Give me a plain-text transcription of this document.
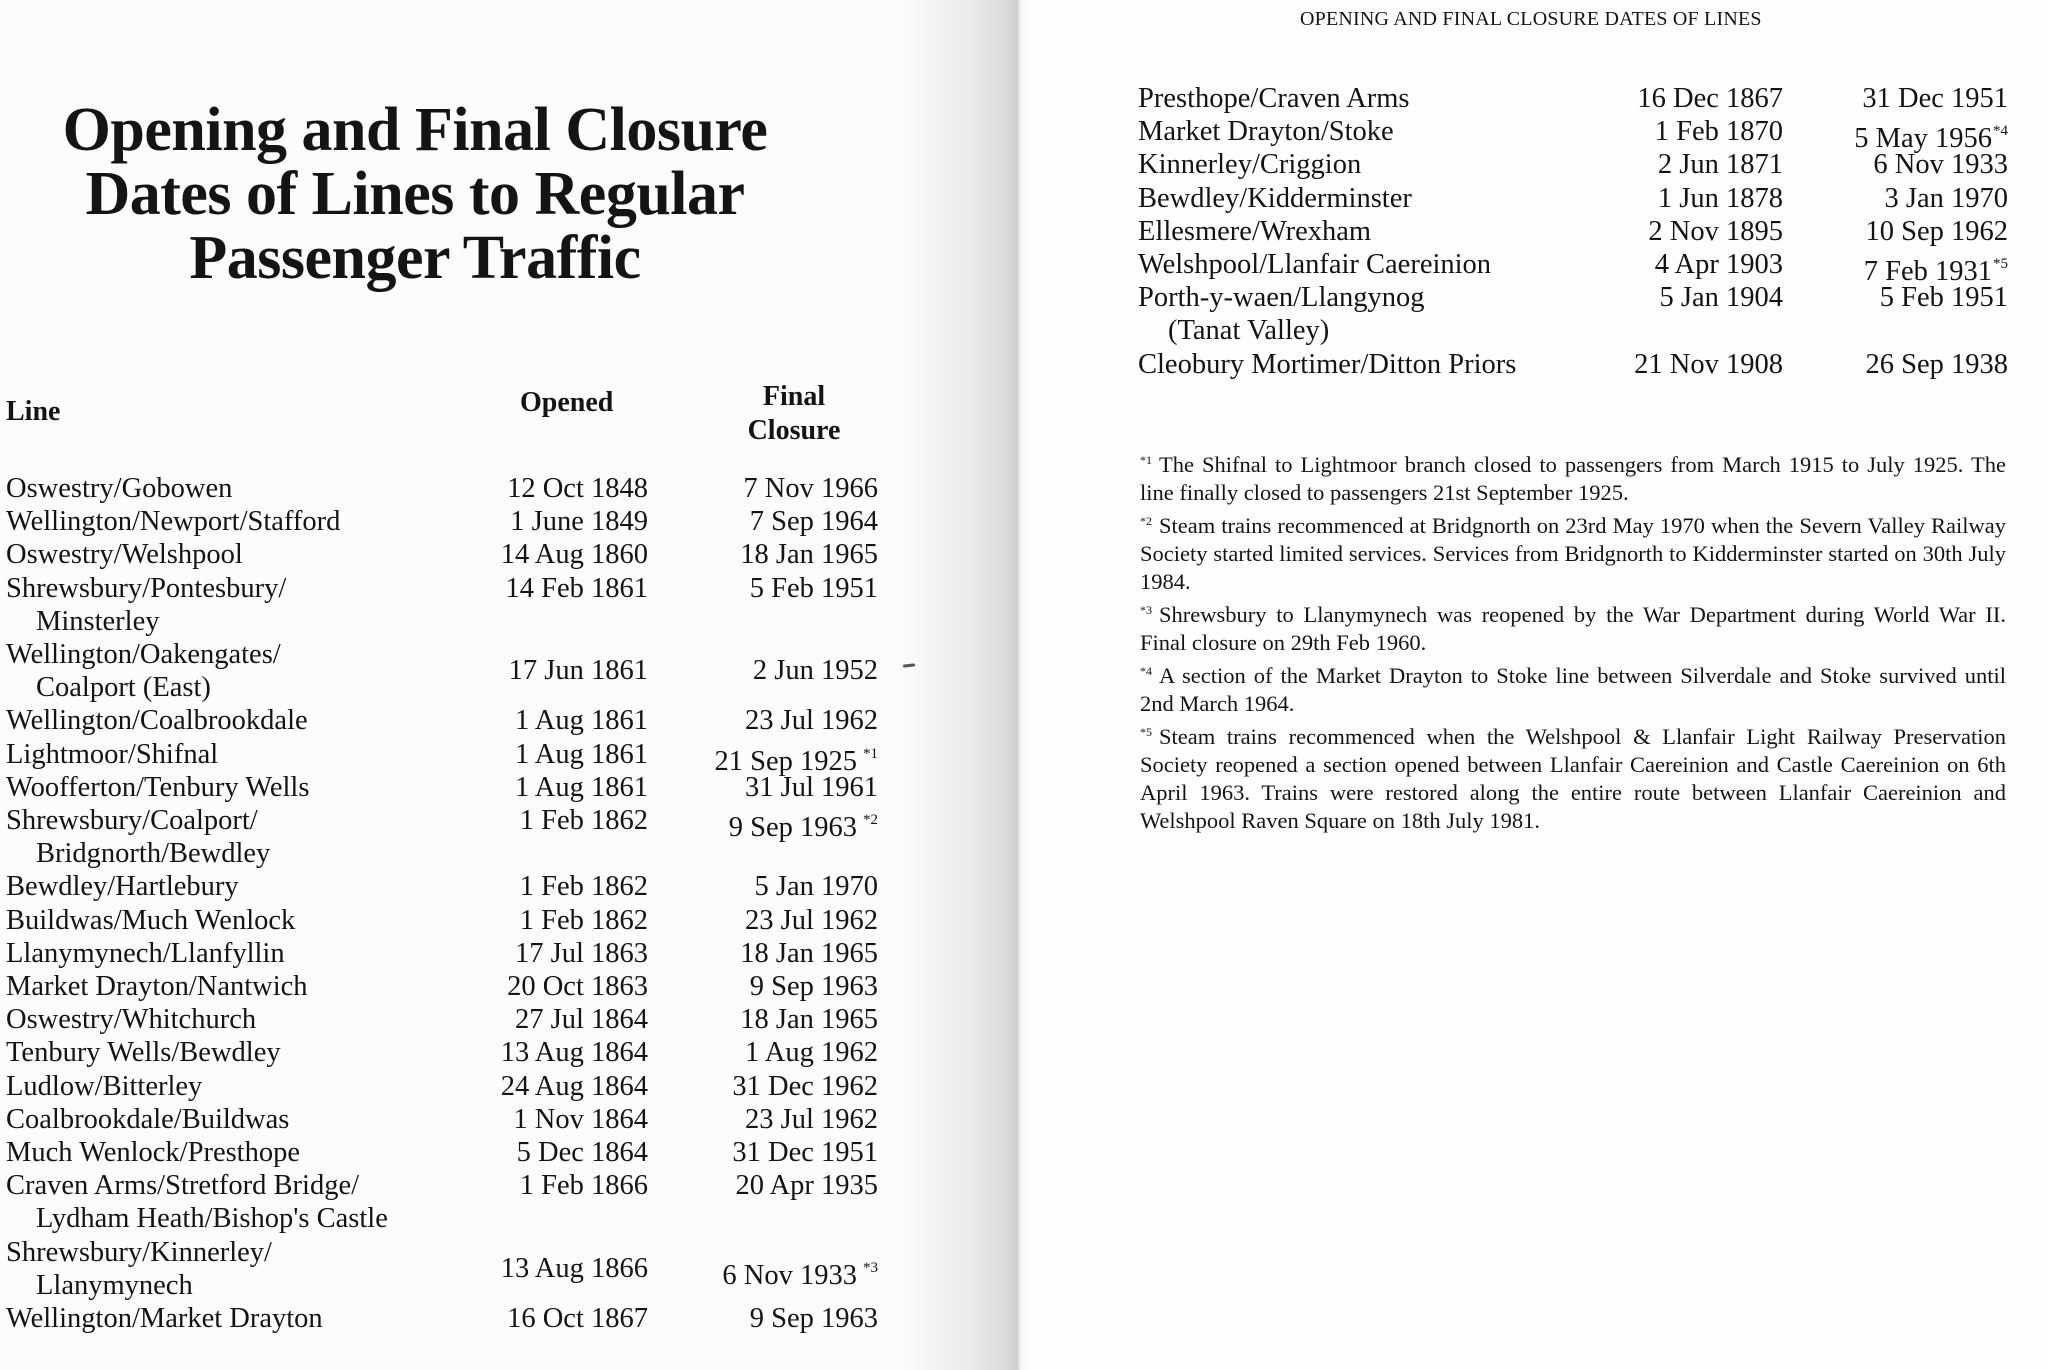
Opening and Final Closure
Dates of Lines to Regular
Passenger Traffic
Line	Opened	Final
Closure
Oswestry/Gobowen	12 Oct 1848	7 Nov 1966
Wellington/Newport/Stafford	1 June 1849	7 Sep 1964
Oswestry/Welshpool	14 Aug 1860	18 Jan 1965
Shrewsbury/Pontesbury/
Minsterley
14 Feb 1861	5 Feb 1951
Wellington/Oakengates/
Coalport (East)
17 Jun 1861	2 Jun 1952
Wellington/Coalbrookdale	1 Aug 1861	23 Jul 1962
Lightmoor/Shifnal	1 Aug 1861 21 Sep 1925 $^{*1}$
Woofferton/Tenbury Wells	1 Aug 1861	31 Jul 1961
Shrewsbury/Coalport/
Bridgnorth/Bewdley
1 Feb 1862	9 Sep 1963 $^{*2}$
Bewdley/Hartlebury	1 Feb 1862	5 Jan 1970
Buildwas/Much Wenlock	1 Feb 1862	23 Jul 1962
Llanymynech/Llanfyllin	17 Jul 1863	18 Jan 1965
Market Drayton/Nantwich	20 Oct 1863	9 Sep 1963
Oswestry/Whitchurch	27 Jul 1864	18 Jan 1965
Tenbury Wells/Bewdley	13 Aug 1864	1 Aug 1962
Ludlow/Bitterley	24 Aug 1864	31 Dec 1962
Coalbrookdale/Buildwas	1 Nov 1864	23 Jul 1962
Much Wenlock/Presthope	5 Dec 1864	31 Dec 1951
Craven Arms/Stretford Bridge/
Lydham Heath/Bishop's Castle
1 Feb 1866	20 Apr 1935
Shrewsbury/Kinnerley/
Llanymynech
13 Aug 1866	6 Nov 1933 $^{*3}$
Wellington/Market Drayton	16 Oct 1867	9 Sep 1963
OPENING AND FINAL CLOSURE DATES OF LINES
Presthope/Craven Arms	16 Dec 1867	31 Dec 1951
Market Drayton/Stoke	1 Feb 1870	5 May 1956$^{*4}$
Kinnerley/Criggion	2 Jun 1871	6 Nov 1933
Bewdley/Kidderminster	1 Jun 1878	3 Jan 1970
Ellesmere/Wrexham	2 Nov 1895	10 Sep 1962
Welshpool/Llanfair Caereinion	4 Apr 1903	7 Feb 1931$^{*5}$
Porth-y-waen/Llangynog
(Tanat Valley)
5 Jan 1904	5 Feb 1951
Cleobury Mortimer/Ditton Priors	21 Nov 1908	26 Sep 1938

$^{*1}$ The Shifnal to Lightmoor branch closed to passengers from March 1915 to July 1925. The line finally closed to passengers 21st September 1925.

$^{*2}$ Steam trains recommenced at Bridgnorth on 23rd May 1970 when the Severn Valley Railway Society started limited services. Services from Bridgnorth to Kidderminster started on 30th July 1984.

$^{*3}$ Shrewsbury to Llanymynech was reopened by the War Department during World War II. Final closure on 29th Feb 1960.

$^{*4}$ A section of the Market Drayton to Stoke line between Silverdale and Stoke survived until 2nd March 1964.

$^{*5}$ Steam trains recommenced when the Welshpool & Llanfair Light Railway Preservation Society reopened a section opened between Llanfair Caereinion and Castle Caereinion on 6th April 1963. Trains were restored along the entire route between Llanfair Caereinion and Welshpool Raven Square on 18th July 1981.
